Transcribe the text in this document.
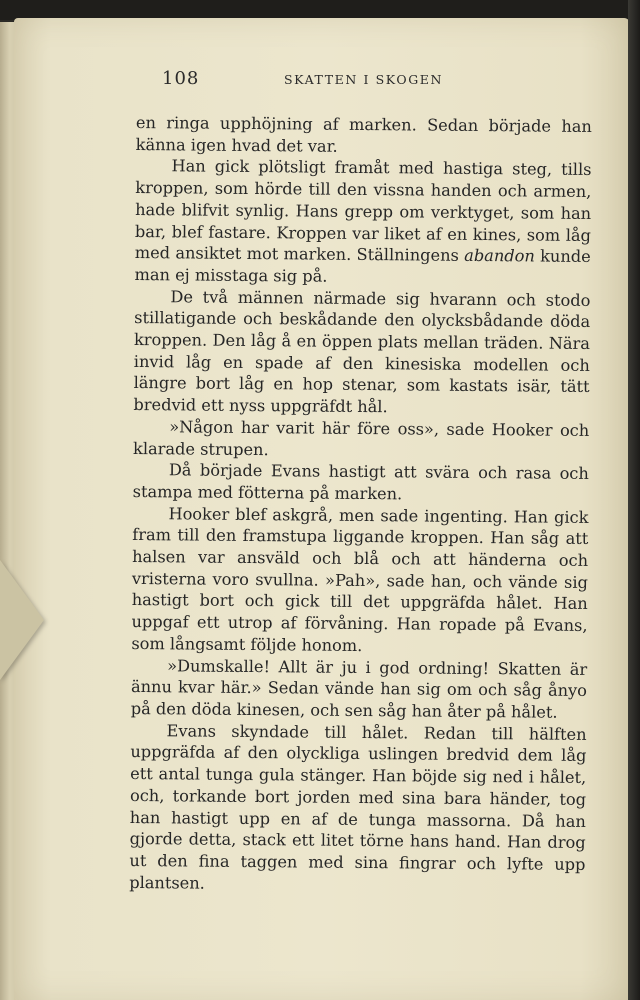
108	SKATTEN I SKOGEN

en ringa upphöjning af marken. Sedan började han känna igen hvad det var.

Han gick plötsligt framåt med hastiga steg, tills kroppen, som hörde till den vissna handen och armen, hade blifvit synlig. Hans grepp om verktyget, som han bar, blef fastare. Kroppen var liket af en kines, som låg med ansiktet mot marken. Ställningens abandon kunde man ej misstaga sig på.

De två männen närmade sig hvarann och stodo stillatigande och beskådande den olycksbådande döda kroppen. Den låg å en öppen plats mellan träden. Nära invid låg en spade af den kinesiska modellen och längre bort låg en hop stenar, som kastats isär, tätt bredvid ett nyss uppgräfdt hål.

»Någon har varit här före oss», sade Hooker och klarade strupen.

Då började Evans hastigt att svära och rasa och stampa med fötterna på marken.

Hooker blef askgrå, men sade ingenting. Han gick fram till den framstupa liggande kroppen. Han såg att halsen var ansväld och blå och att händerna och vristerna voro svullna. »Pah», sade han, och vände sig hastigt bort och gick till det uppgräfda hålet. Han uppgaf ett utrop af förvåning. Han ropade på Evans, som långsamt följde honom.

»Dumskalle! Allt är ju i god ordning! Skatten är ännu kvar här.» Sedan vände han sig om och såg ånyo på den döda kinesen, och sen såg han åter på hålet.

Evans skyndade till hålet. Redan till hälften uppgräfda af den olyckliga uslingen bredvid dem låg ett antal tunga gula stänger. Han böjde sig ned i hålet, och, torkande bort jorden med sina bara händer, tog han hastigt upp en af de tunga massorna. Då han gjorde detta, stack ett litet törne hans hand. Han drog ut den fina taggen med sina fingrar och lyfte upp plantsen.
